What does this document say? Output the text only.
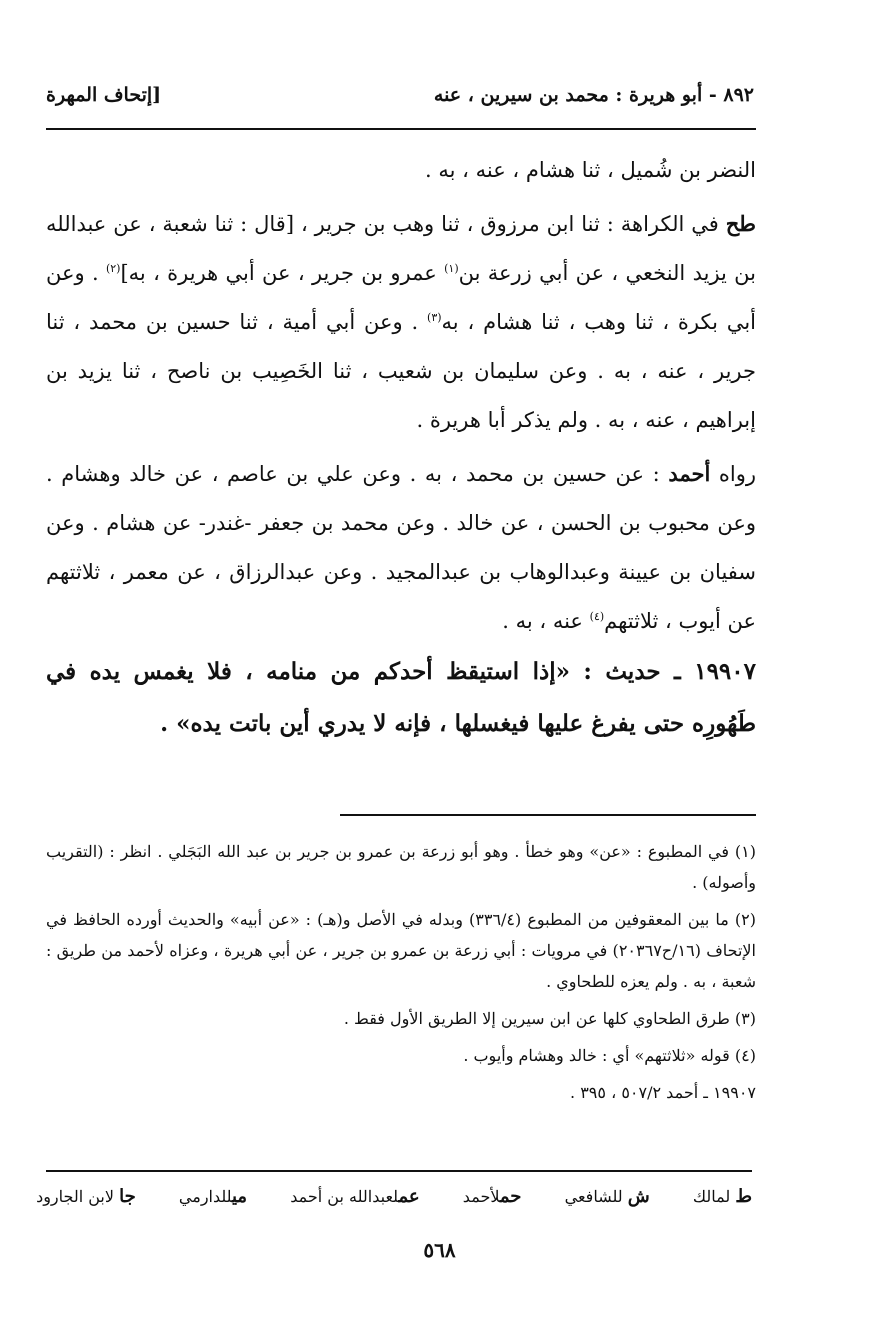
٨٩٢ - أبو هريرة : محمد بن سيرين ، عنه
[إتحاف المهرة

النضر بن شُميل ، ثنا هشام ، عنه ، به .

طح في الكراهة : ثنا ابن مرزوق ، ثنا وهب بن جرير ، [قال : ثنا شعبة ، عن عبدالله بن يزيد النخعي ، عن أبي زرعة بن$^{(١)}$ عمرو بن جرير ، عن أبي هريرة ، به]$^{(٢)}$ . وعن أبي بكرة ، ثنا وهب ، ثنا هشام ، به$^{(٣)}$ . وعن أبي أمية ، ثنا حسين بن محمد ، ثنا جرير ، عنه ، به . وعن سليمان بن شعيب ، ثنا الخَصِيب بن ناصح ، ثنا يزيد بن إبراهيم ، عنه ، به . ولم يذكر أبا هريرة .

رواه أحمد : عن حسين بن محمد ، به . وعن علي بن عاصم ، عن خالد وهشام . وعن محبوب بن الحسن ، عن خالد . وعن محمد بن جعفر -غندر- عن هشام . وعن سفيان بن عيينة وعبدالوهاب بن عبدالمجيد . وعن عبدالرزاق ، عن معمر ، ثلاثتهم عن أيوب ، ثلاثتهم$^{(٤)}$ عنه ، به .

١٩٩٠٧ ـ حديث : «إذا استيقظ أحدكم من منامه ، فلا يغمس يده في طَهُورِه حتى يفرغ عليها فيغسلها ، فإنه لا يدري أين باتت يده» .

(١) في المطبوع : «عن» وهو خطأ . وهو أبو زرعة بن عمرو بن جرير بن عبد الله البَجَلي . انظر : (التقريب وأصوله) .

(٢) ما بين المعقوفين من المطبوع (٣٣٦/٤) وبدله في الأصل و(هـ) : «عن أبيه» والحديث أورده الحافظ في الإتحاف (١٦/ح٢٠٣٦٧) في مرويات : أبي زرعة بن عمرو بن جرير ، عن أبي هريرة ، وعزاه لأحمد من طريق : شعبة ، به . ولم يعزه للطحاوي .

(٣) طرق الطحاوي كلها عن ابن سيرين إلا الطريق الأول فقط .

(٤) قوله «ثلاثتهم» أي : خالد وهشام وأيوب .

١٩٩٠٧ ـ أحمد ٥٠٧/٢ ، ٣٩٥ .

ط لمالك
ش للشافعي
حملأحمد
عملعبدالله بن أحمد
ميللدارمي
جا لابن الجارود
٥٦٨
